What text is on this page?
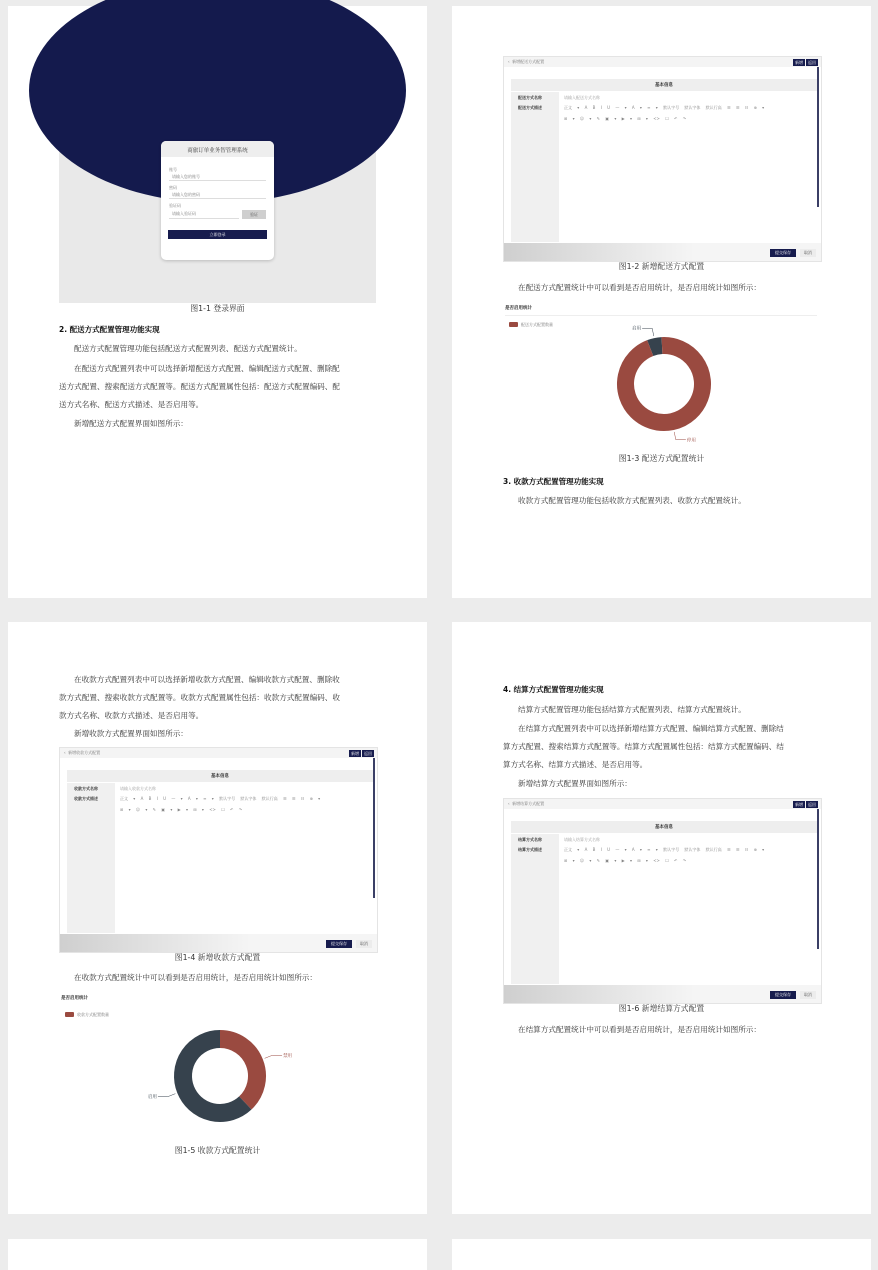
商旅订单业务智管理系统
账号
请输入您的账号
密码
请输入您的密码
验证码
请输入验证码	验证
立即登录
图1-1 登录界面
2. 配送方式配置管理功能实现
配送方式配置管理功能包括配送方式配置列表、配送方式配置统计。
在配送方式配置列表中可以选择新增配送方式配置、编辑配送方式配置、删除配
送方式配置、搜索配送方式配置等。配送方式配置属性包括：配送方式配置编码、配
送方式名称、配送方式描述、是否启用等。
新增配送方式配置界面如图所示：
‹  新增配送方式配置	新增	返回
基本信息
配送方式名称	请输入配送方式名称
配送方式描述	正文 ▾ A B I U — ▾ A ▾ ≡ ▾ 默认字号 默认字体 默认行高 ☰ ☰ ☷ ⊕ ▾
⊞ ▾ ☺ ▾ ✎ ▣ ▾ ▶ ▾ ⊞ ▾ <> ☐ ↶ ↷
提交保存	取消
图1-2 新增配送方式配置
在配送方式配置统计中可以看到是否启用统计，是否启用统计如图所示：
是否启用统计
配送方式配置数量
启用
停用
图1-3 配送方式配置统计
3. 收款方式配置管理功能实现
收款方式配置管理功能包括收款方式配置列表、收款方式配置统计。
在收款方式配置列表中可以选择新增收款方式配置、编辑收款方式配置、删除收
款方式配置、搜索收款方式配置等。收款方式配置属性包括：收款方式配置编码、收
款方式名称、收款方式描述、是否启用等。
新增收款方式配置界面如图所示：
‹  新增收款方式配置	新增	返回
基本信息
收款方式名称	请输入收款方式名称
收款方式描述	正文 ▾ A B I U — ▾ A ▾ ≡ ▾ 默认字号 默认字体 默认行高 ☰ ☰ ☷ ⊕ ▾
⊞ ▾ ☺ ▾ ✎ ▣ ▾ ▶ ▾ ⊞ ▾ <> ☐ ↶ ↷
提交保存	取消
图1-4 新增收款方式配置
在收款方式配置统计中可以看到是否启用统计，是否启用统计如图所示：
是否启用统计
收款方式配置数量
禁用
启用
图1-5 收款方式配置统计
4. 结算方式配置管理功能实现
结算方式配置管理功能包括结算方式配置列表、结算方式配置统计。
在结算方式配置列表中可以选择新增结算方式配置、编辑结算方式配置、删除结
算方式配置、搜索结算方式配置等。结算方式配置属性包括：结算方式配置编码、结
算方式名称、结算方式描述、是否启用等。
新增结算方式配置界面如图所示：
‹  新增结算方式配置	新增	返回
基本信息
结算方式名称	请输入结算方式名称
结算方式描述	正文 ▾ A B I U — ▾ A ▾ ≡ ▾ 默认字号 默认字体 默认行高 ☰ ☰ ☷ ⊕ ▾
⊞ ▾ ☺ ▾ ✎ ▣ ▾ ▶ ▾ ⊞ ▾ <> ☐ ↶ ↷
提交保存	取消
图1-6 新增结算方式配置
在结算方式配置统计中可以看到是否启用统计，是否启用统计如图所示：
